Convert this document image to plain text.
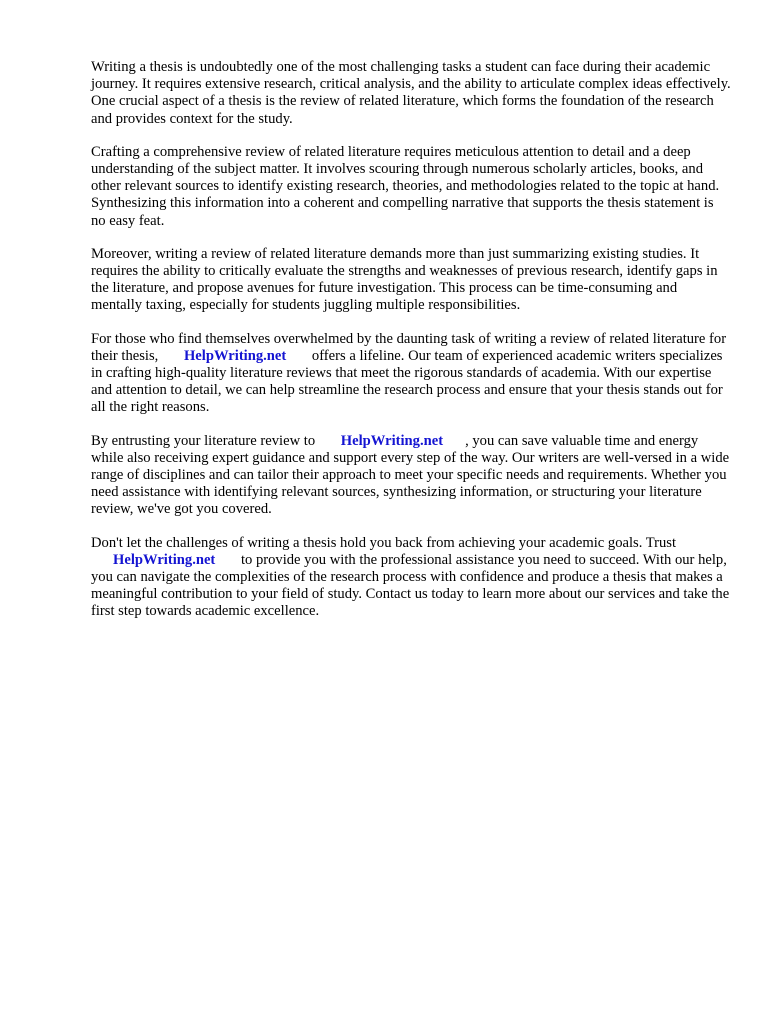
Writing a thesis is undoubtedly one of the most challenging tasks a student can face during their academic journey. It requires extensive research, critical analysis, and the ability to articulate complex ideas effectively. One crucial aspect of a thesis is the review of related literature, which forms the foundation of the research and provides context for the study.

Crafting a comprehensive review of related literature requires meticulous attention to detail and a deep understanding of the subject matter. It involves scouring through numerous scholarly articles, books, and other relevant sources to identify existing research, theories, and methodologies related to the topic at hand. Synthesizing this information into a coherent and compelling narrative that supports the thesis statement is no easy feat.

Moreover, writing a review of related literature demands more than just summarizing existing studies. It requires the ability to critically evaluate the strengths and weaknesses of previous research, identify gaps in the literature, and propose avenues for future investigation. This process can be time-consuming and mentally taxing, especially for students juggling multiple responsibilities.

For those who find themselves overwhelmed by the daunting task of writing a review of related literature for their thesis, HelpWriting.net offers a lifeline. Our team of experienced academic writers specializes in crafting high-quality literature reviews that meet the rigorous standards of academia. With our expertise and attention to detail, we can help streamline the research process and ensure that your thesis stands out for all the right reasons.

By entrusting your literature review to HelpWriting.net , you can save valuable time and energy while also receiving expert guidance and support every step of the way. Our writers are well-versed in a wide range of disciplines and can tailor their approach to meet your specific needs and requirements. Whether you need assistance with identifying relevant sources, synthesizing information, or structuring your literature review, we've got you covered.

Don't let the challenges of writing a thesis hold you back from achieving your academic goals. Trust HelpWriting.net to provide you with the professional assistance you need to succeed. With our help, you can navigate the complexities of the research process with confidence and produce a thesis that makes a meaningful contribution to your field of study. Contact us today to learn more about our services and take the first step towards academic excellence.
